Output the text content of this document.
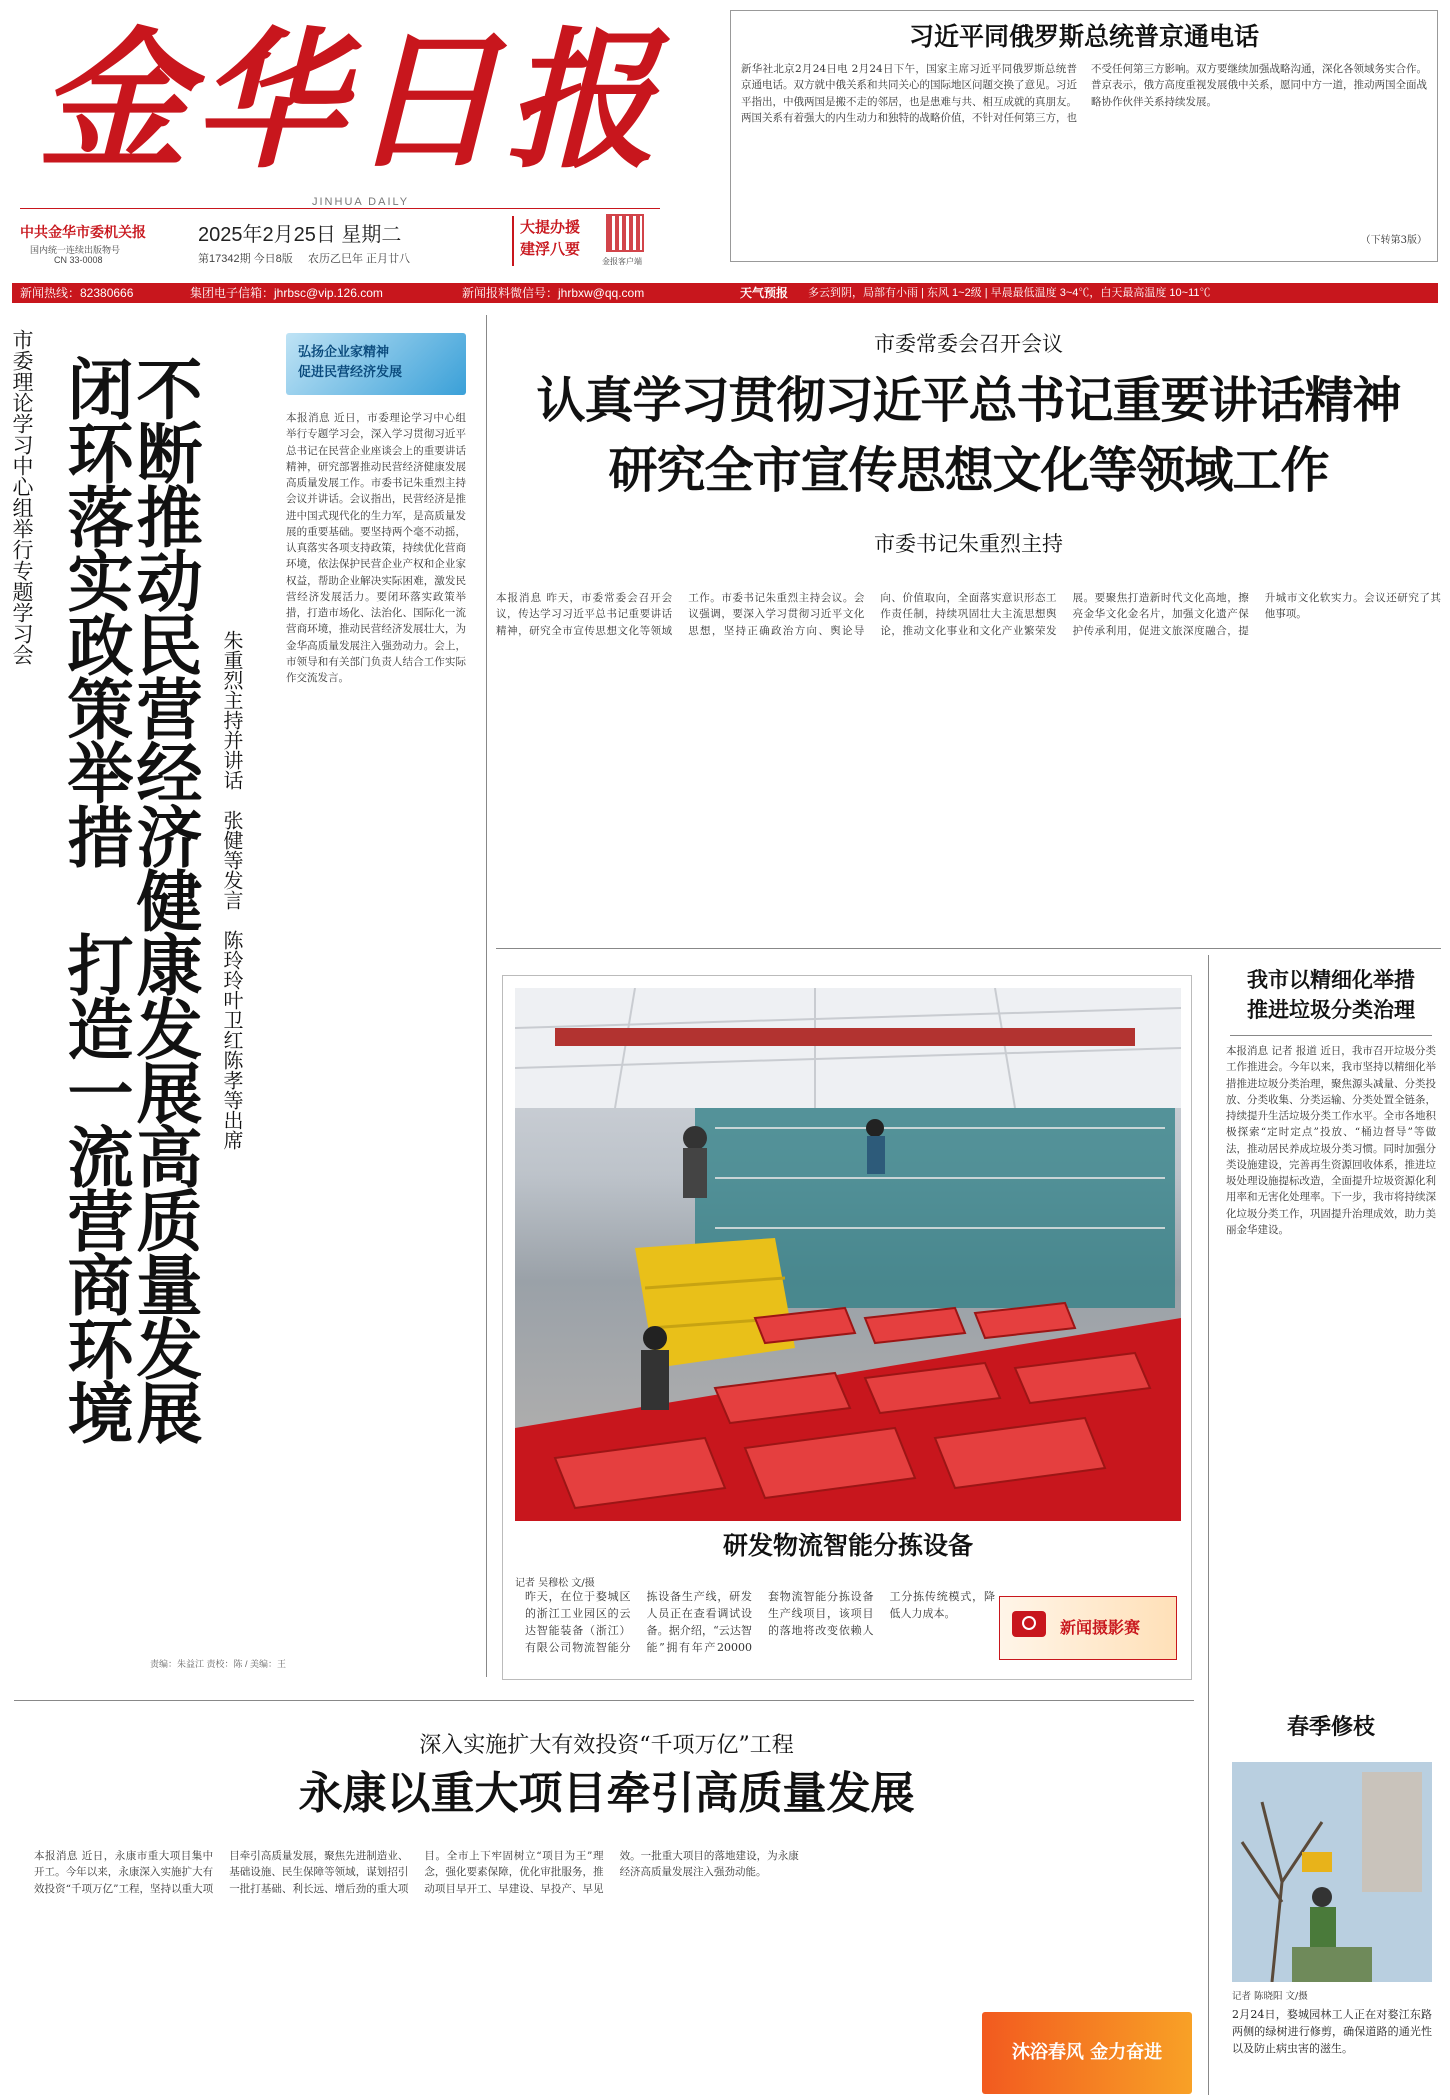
金华日报
JINHUA DAILY
中共金华市委机关报
国内统一连续出版物号
CN 33-0008
2025年2月25日 星期二
第17342期 今日8版 农历乙巳年 正月廿八
大提办援
建浮八要
金报客户端
习近平同俄罗斯总统普京通电话
新华社北京2月24日电 2月24日下午，国家主席习近平同俄罗斯总统普京通电话。双方就中俄关系和共同关心的国际地区问题交换了意见。习近平指出，中俄两国是搬不走的邻居，也是患难与共、相互成就的真朋友。两国关系有着强大的内生动力和独特的战略价值，不针对任何第三方，也不受任何第三方影响。双方要继续加强战略沟通，深化各领域务实合作。普京表示，俄方高度重视发展俄中关系，愿同中方一道，推动两国全面战略协作伙伴关系持续发展。
（下转第3版）
新闻热线：82380666	集团电子信箱：jhrbsc@vip.126.com	新闻报料微信号：jhrbxw@qq.com	天气预报 多云到阴，局部有小雨 | 东风 1~2级 | 早晨最低温度 3~4℃，白天最高温度 10~11℃
市委理论学习中心组举行专题学习会 不断推动民营经济健康发展高质量发展
闭环落实政策举措　打造一流营商环境	朱重烈主持并讲话　张健等发言　陈玲玲叶卫红陈孝等出席
弘扬企业家精神
促进民营经济发展
本报消息 近日，市委理论学习中心组举行专题学习会，深入学习贯彻习近平总书记在民营企业座谈会上的重要讲话精神，研究部署推动民营经济健康发展高质量发展工作。市委书记朱重烈主持会议并讲话。会议指出，民营经济是推进中国式现代化的生力军，是高质量发展的重要基础。要坚持两个毫不动摇，认真落实各项支持政策，持续优化营商环境，依法保护民营企业产权和企业家权益，帮助企业解决实际困难，激发民营经济发展活力。要闭环落实政策举措，打造市场化、法治化、国际化一流营商环境，推动民营经济发展壮大，为金华高质量发展注入强劲动力。会上，市领导和有关部门负责人结合工作实际作交流发言。
责编：朱益江 责校：陈 / 美编：王
市委常委会召开会议
认真学习贯彻习近平总书记重要讲话精神
研究全市宣传思想文化等领域工作
市委书记朱重烈主持
本报消息 昨天，市委常委会召开会议，传达学习习近平总书记重要讲话精神，研究全市宣传思想文化等领域工作。市委书记朱重烈主持会议。会议强调，要深入学习贯彻习近平文化思想，坚持正确政治方向、舆论导向、价值取向，全面落实意识形态工作责任制，持续巩固壮大主流思想舆论，推动文化事业和文化产业繁荣发展。要聚焦打造新时代文化高地，擦亮金华文化金名片，加强文化遗产保护传承利用，促进文旅深度融合，提升城市文化软实力。会议还研究了其他事项。
研发物流智能分拣设备
记者 吴穆松 文/摄
昨天，在位于婺城区的浙江工业园区的云达智能装备（浙江）有限公司物流智能分拣设备生产线，研发人员正在查看调试设备。据介绍，“云达智能”拥有年产20000套物流智能分拣设备生产线项目，该项目的落地将改变依赖人工分拣传统模式，降低人力成本。
新闻摄影赛
我市以精细化举措
推进垃圾分类治理
本报消息 记者 报道 近日，我市召开垃圾分类工作推进会。今年以来，我市坚持以精细化举措推进垃圾分类治理，聚焦源头减量、分类投放、分类收集、分类运输、分类处置全链条，持续提升生活垃圾分类工作水平。全市各地积极探索“定时定点”投放、“桶边督导”等做法，推动居民养成垃圾分类习惯。同时加强分类设施建设，完善再生资源回收体系，推进垃圾处理设施提标改造，全面提升垃圾资源化利用率和无害化处理率。下一步，我市将持续深化垃圾分类工作，巩固提升治理成效，助力美丽金华建设。
深入实施扩大有效投资“千项万亿”工程
永康以重大项目牵引高质量发展
本报消息 近日，永康市重大项目集中开工。今年以来，永康深入实施扩大有效投资“千项万亿”工程，坚持以重大项目牵引高质量发展，聚焦先进制造业、基础设施、民生保障等领域，谋划招引一批打基础、利长远、增后劲的重大项目。全市上下牢固树立“项目为王”理念，强化要素保障，优化审批服务，推动项目早开工、早建设、早投产、早见效。一批重大项目的落地建设，为永康经济高质量发展注入强劲动能。
沐浴春风 金力奋进
春季修枝
记者 陈晓阳 文/摄
2月24日，婺城园林工人正在对婺江东路两侧的绿树进行修剪，确保道路的通光性以及防止病虫害的滋生。
